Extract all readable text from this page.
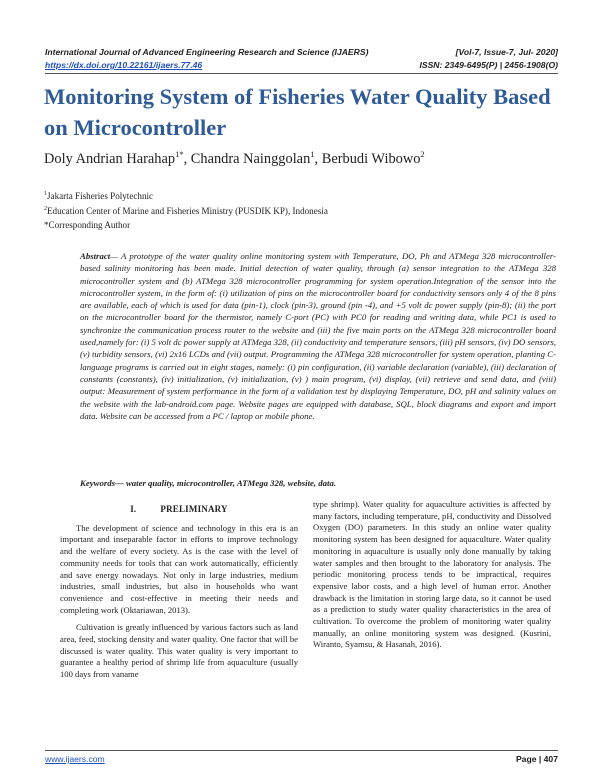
International Journal of Advanced Engineering Research and Science (IJAERS)	[Vol-7, Issue-7, Jul- 2020]
https://dx.doi.org/10.22161/ijaers.77.46	ISSN: 2349-6495(P) | 2456-1908(O)
Monitoring System of Fisheries Water Quality Based on Microcontroller
Doly Andrian Harahap$^{1*}$, Chandra Nainggolan$^1$, Berbudi Wibowo$^2$
$^1$Jakarta Fisheries Polytechnic
$^2$Education Center of Marine and Fisheries Ministry (PUSDIK KP), Indonesia
*Corresponding Author

Abstract— A prototype of the water quality online monitoring system with Temperature, DO, Ph and ATMega 328 microcontroller-based salinity monitoring has been made. Initial detection of water quality, through (a) sensor integration to the ATMega 328 microcontroller system and (b) ATMega 328 microcontroller programming for system operation.Integration of the sensor into the microcontroller system, in the form of: (i) utilization of pins on the microcontroller board for conductivity sensors only 4 of the 8 pins are available, each of which is used for data (pin-1), clock (pin-3), ground (pin -4), and +5 volt dc power supply (pin-8); (ii) the port on the microcontroller board for the thermistor, namely C-port (PC) with PC0 for reading and writing data, while PC1 is used to synchronize the communication process router to the website and (iii) the five main ports on the ATMega 328 microcontroller board used,namely for: (i) 5 volt dc power supply at ATMega 328, (ii) conductivity and temperature sensors, (iii) pH sensors, (iv) DO sensors, (v) turbidity sensors, (vi) 2x16 LCDs and (vii) output. Programming the ATMega 328 microcontroller for system operation, planting C-language programs is carried out in eight stages, namely: (i) pin configuration, (ii) variable declaration (variable), (iii) declaration of constants (constants), (iv) initialization, (v) initialization, (v) ) main program, (vi) display, (vii) retrieve and send data, and (viii) output: Measurement of system performance in the form of a validation test by displaying Temperature, DO, pH and salinity values on the website with the lab-android.com page. Website pages are equipped with database, SQL, block diagrams and export and import data. Website can be accessed from a PC / laptop or mobile phone.

Keywords— water quality, microcontroller, ATMega 328, website, data.
I.	PRELIMINARY

The development of science and technology in this era is an important and inseparable factor in efforts to improve technology and the welfare of every society. As is the case with the level of community needs for tools that can work automatically, efficiently and save energy nowadays. Not only in large industries, medium industries, small industries, but also in households who want convenience and cost-effective in meeting their needs and completing work (Oktariawan, 2013).

Cultivation is greatly influenced by various factors such as land area, feed, stocking density and water quality. One factor that will be discussed is water quality. This water quality is very important to guarantee a healthy period of shrimp life from aquaculture (usually 100 days from vaname

type shrimp). Water quality for aquaculture activities is affected by many factors, including temperature, pH, conductivity and Dissolved Oxygen (DO) parameters. In this study an online water quality monitoring system has been designed for aquaculture. Water quality monitoring in aquaculture is usually only done manually by taking water samples and then brought to the laboratory for analysis. The periodic monitoring process tends to be impractical, requires expensive labor costs, and a high level of human error. Another drawback is the limitation in storing large data, so it cannot be used as a prediction to study water quality characteristics in the area of cultivation. To overcome the problem of monitoring water quality manually, an online monitoring system was designed. (Kusrini, Wiranto, Syamsu, & Hasanah, 2016).

www.ijaers.com	Page | 407
